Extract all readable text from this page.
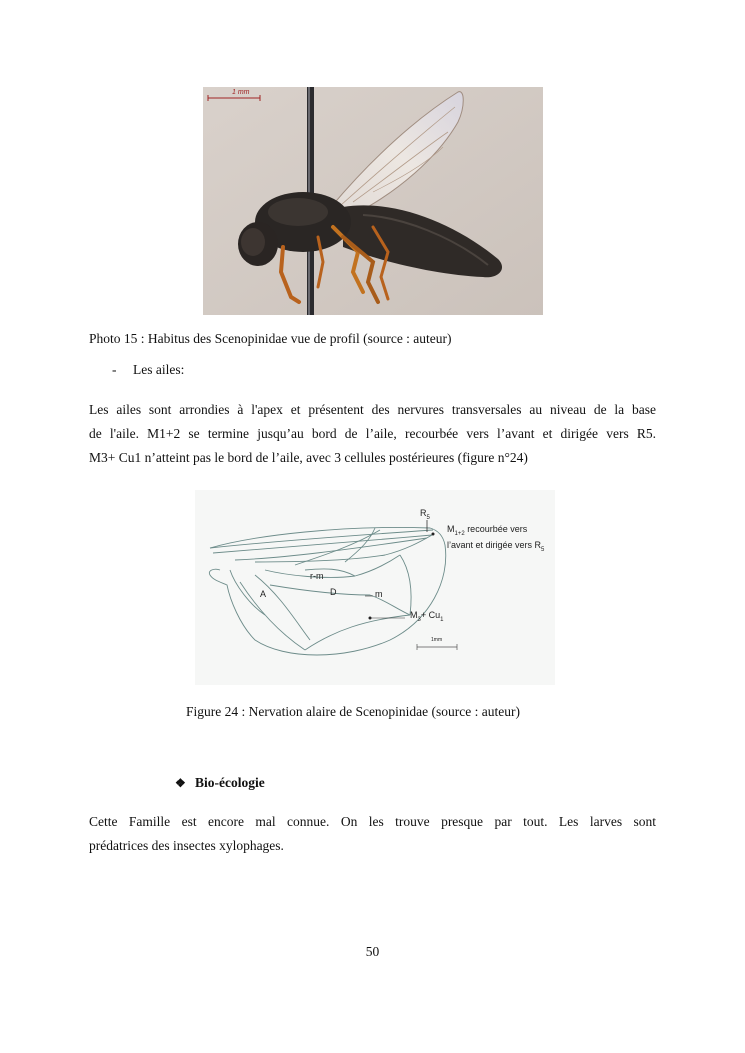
1 mm
Photo 15 : Habitus des Scenopinidae vue de profil (source : auteur)
- Les ailes:
Les ailes sont arrondies à l'apex et présentent des nervures transversales au niveau de la base
de l'aile. M1+2 se termine jusqu’au bord de l’aile, recourbée vers l’avant et dirigée vers R5.
M3+ Cu1 n’atteint pas le bord de l’aile, avec 3 cellules postérieures (figure n°24)
$R_5$
$M_{1+2}$ recourbée vers
l’avant et dirigée vers $R_5$
r-m
A	D	m
$M_3+ Cu_1$
1mm
Figure 24 : Nervation alaire de Scenopinidae (source : auteur)
❖ Bio-écologie
Cette Famille est encore mal connue. On les trouve presque par tout. Les larves sont
prédatrices des insectes xylophages.
50
